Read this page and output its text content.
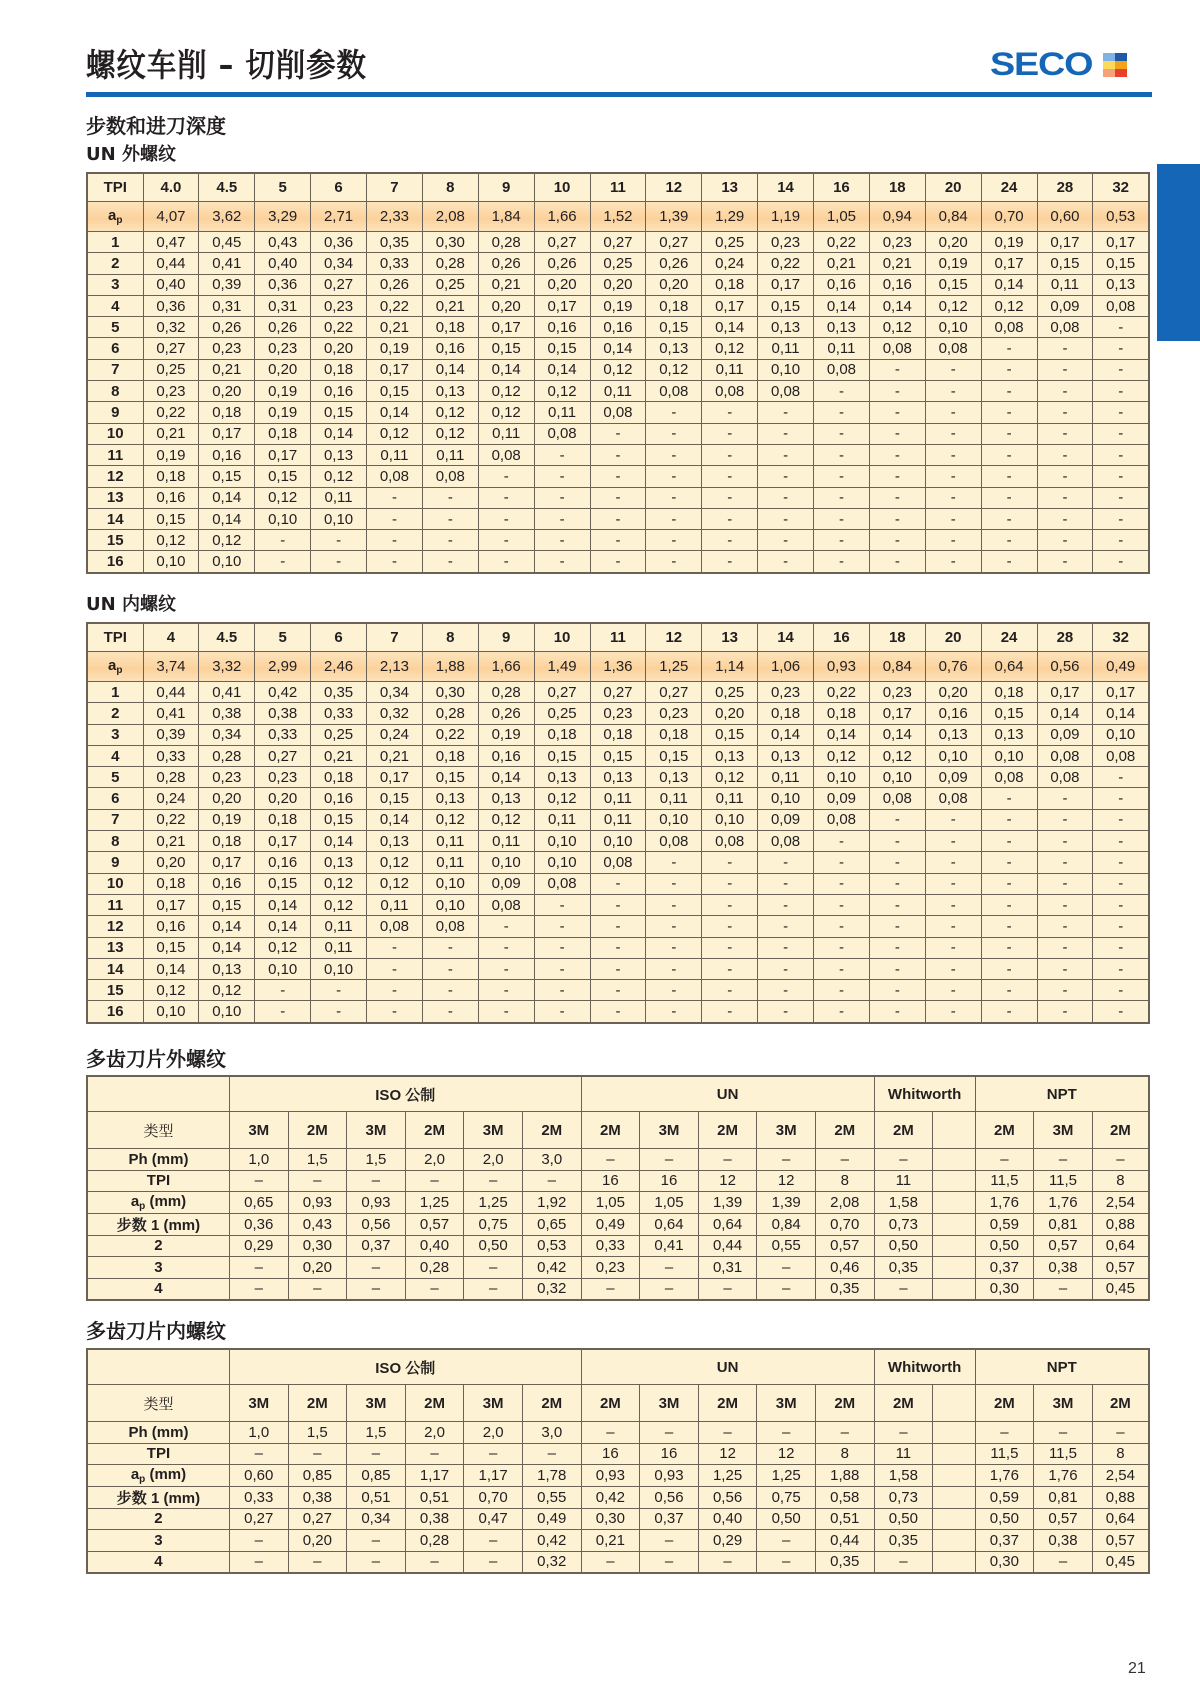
螺纹车削 – 切削参数	SECO
步数和进刀深度
UN 外螺纹
TPI	4.0	4.5	5	6	7	8	9	10	11	12	13	14	16	18	20	24	28	32
$a_p$	4,07	3,62	3,29	2,71	2,33	2,08	1,84	1,66	1,52	1,39	1,29	1,19	1,05	0,94	0,84	0,70	0,60	0,53
1	0,47	0,45	0,43	0,36	0,35	0,30	0,28	0,27	0,27	0,27	0,25	0,23	0,22	0,23	0,20	0,19	0,17	0,17
2	0,44	0,41	0,40	0,34	0,33	0,28	0,26	0,26	0,25	0,26	0,24	0,22	0,21	0,21	0,19	0,17	0,15	0,15
3	0,40	0,39	0,36	0,27	0,26	0,25	0,21	0,20	0,20	0,20	0,18	0,17	0,16	0,16	0,15	0,14	0,11	0,13
4	0,36	0,31	0,31	0,23	0,22	0,21	0,20	0,17	0,19	0,18	0,17	0,15	0,14	0,14	0,12	0,12	0,09	0,08
5	0,32	0,26	0,26	0,22	0,21	0,18	0,17	0,16	0,16	0,15	0,14	0,13	0,13	0,12	0,10	0,08	0,08	-
6	0,27	0,23	0,23	0,20	0,19	0,16	0,15	0,15	0,14	0,13	0,12	0,11	0,11	0,08	0,08	-	-	-
7	0,25	0,21	0,20	0,18	0,17	0,14	0,14	0,14	0,12	0,12	0,11	0,10	0,08	-	-	-	-	-
8	0,23	0,20	0,19	0,16	0,15	0,13	0,12	0,12	0,11	0,08	0,08	0,08	-	-	-	-	-	-
9	0,22	0,18	0,19	0,15	0,14	0,12	0,12	0,11	0,08	-	-	-	-	-	-	-	-	-
10	0,21	0,17	0,18	0,14	0,12	0,12	0,11	0,08	-	-	-	-	-	-	-	-	-	-
11	0,19	0,16	0,17	0,13	0,11	0,11	0,08	-	-	-	-	-	-	-	-	-	-	-
12	0,18	0,15	0,15	0,12	0,08	0,08	-	-	-	-	-	-	-	-	-	-	-	-
13	0,16	0,14	0,12	0,11	-	-	-	-	-	-	-	-	-	-	-	-	-	-
14	0,15	0,14	0,10	0,10	-	-	-	-	-	-	-	-	-	-	-	-	-	-
15	0,12	0,12	-	-	-	-	-	-	-	-	-	-	-	-	-	-	-	-
16	0,10	0,10	-	-	-	-	-	-	-	-	-	-	-	-	-	-	-	-
UN 内螺纹
TPI	4	4.5	5	6	7	8	9	10	11	12	13	14	16	18	20	24	28	32
$a_p$	3,74	3,32	2,99	2,46	2,13	1,88	1,66	1,49	1,36	1,25	1,14	1,06	0,93	0,84	0,76	0,64	0,56	0,49
1	0,44	0,41	0,42	0,35	0,34	0,30	0,28	0,27	0,27	0,27	0,25	0,23	0,22	0,23	0,20	0,18	0,17	0,17
2	0,41	0,38	0,38	0,33	0,32	0,28	0,26	0,25	0,23	0,23	0,20	0,18	0,18	0,17	0,16	0,15	0,14	0,14
3	0,39	0,34	0,33	0,25	0,24	0,22	0,19	0,18	0,18	0,18	0,15	0,14	0,14	0,14	0,13	0,13	0,09	0,10
4	0,33	0,28	0,27	0,21	0,21	0,18	0,16	0,15	0,15	0,15	0,13	0,13	0,12	0,12	0,10	0,10	0,08	0,08
5	0,28	0,23	0,23	0,18	0,17	0,15	0,14	0,13	0,13	0,13	0,12	0,11	0,10	0,10	0,09	0,08	0,08	-
6	0,24	0,20	0,20	0,16	0,15	0,13	0,13	0,12	0,11	0,11	0,11	0,10	0,09	0,08	0,08	-	-	-
7	0,22	0,19	0,18	0,15	0,14	0,12	0,12	0,11	0,11	0,10	0,10	0,09	0,08	-	-	-	-	-
8	0,21	0,18	0,17	0,14	0,13	0,11	0,11	0,10	0,10	0,08	0,08	0,08	-	-	-	-	-	-
9	0,20	0,17	0,16	0,13	0,12	0,11	0,10	0,10	0,08	-	-	-	-	-	-	-	-	-
10	0,18	0,16	0,15	0,12	0,12	0,10	0,09	0,08	-	-	-	-	-	-	-	-	-	-
11	0,17	0,15	0,14	0,12	0,11	0,10	0,08	-	-	-	-	-	-	-	-	-	-	-
12	0,16	0,14	0,14	0,11	0,08	0,08	-	-	-	-	-	-	-	-	-	-	-	-
13	0,15	0,14	0,12	0,11	-	-	-	-	-	-	-	-	-	-	-	-	-	-
14	0,14	0,13	0,10	0,10	-	-	-	-	-	-	-	-	-	-	-	-	-	-
15	0,12	0,12	-	-	-	-	-	-	-	-	-	-	-	-	-	-	-	-
16	0,10	0,10	-	-	-	-	-	-	-	-	-	-	-	-	-	-	-	-
多齿刀片外螺纹
	ISO 公制						UN					Whitworth		NPT		
类型	3M	2M	3M	2M	3M	2M	2M	3M	2M	3M	2M	2M		2M	3M	2M
Ph (mm)	1,0	1,5	1,5	2,0	2,0	3,0	–	–	–	–	–	–		–	–	–
TPI	–	–	–	–	–	–	16	16	12	12	8	11		11,5	11,5	8
$a_p$ (mm)	0,65	0,93	0,93	1,25	1,25	1,92	1,05	1,05	1,39	1,39	2,08	1,58		1,76	1,76	2,54
步数 1 (mm)	0,36	0,43	0,56	0,57	0,75	0,65	0,49	0,64	0,64	0,84	0,70	0,73		0,59	0,81	0,88
2	0,29	0,30	0,37	0,40	0,50	0,53	0,33	0,41	0,44	0,55	0,57	0,50		0,50	0,57	0,64
3	–	0,20	–	0,28	–	0,42	0,23	–	0,31	–	0,46	0,35		0,37	0,38	0,57
4	–	–	–	–	–	0,32	–	–	–	–	0,35	–		0,30	–	0,45
多齿刀片内螺纹
	ISO 公制						UN					Whitworth		NPT		
类型	3M	2M	3M	2M	3M	2M	2M	3M	2M	3M	2M	2M		2M	3M	2M
Ph (mm)	1,0	1,5	1,5	2,0	2,0	3,0	–	–	–	–	–	–		–	–	–
TPI	–	–	–	–	–	–	16	16	12	12	8	11		11,5	11,5	8
$a_p$ (mm)	0,60	0,85	0,85	1,17	1,17	1,78	0,93	0,93	1,25	1,25	1,88	1,58		1,76	1,76	2,54
步数 1 (mm)	0,33	0,38	0,51	0,51	0,70	0,55	0,42	0,56	0,56	0,75	0,58	0,73		0,59	0,81	0,88
2	0,27	0,27	0,34	0,38	0,47	0,49	0,30	0,37	0,40	0,50	0,51	0,50		0,50	0,57	0,64
3	–	0,20	–	0,28	–	0,42	0,21	–	0,29	–	0,44	0,35		0,37	0,38	0,57
4	–	–	–	–	–	0,32	–	–	–	–	0,35	–		0,30	–	0,45
21
